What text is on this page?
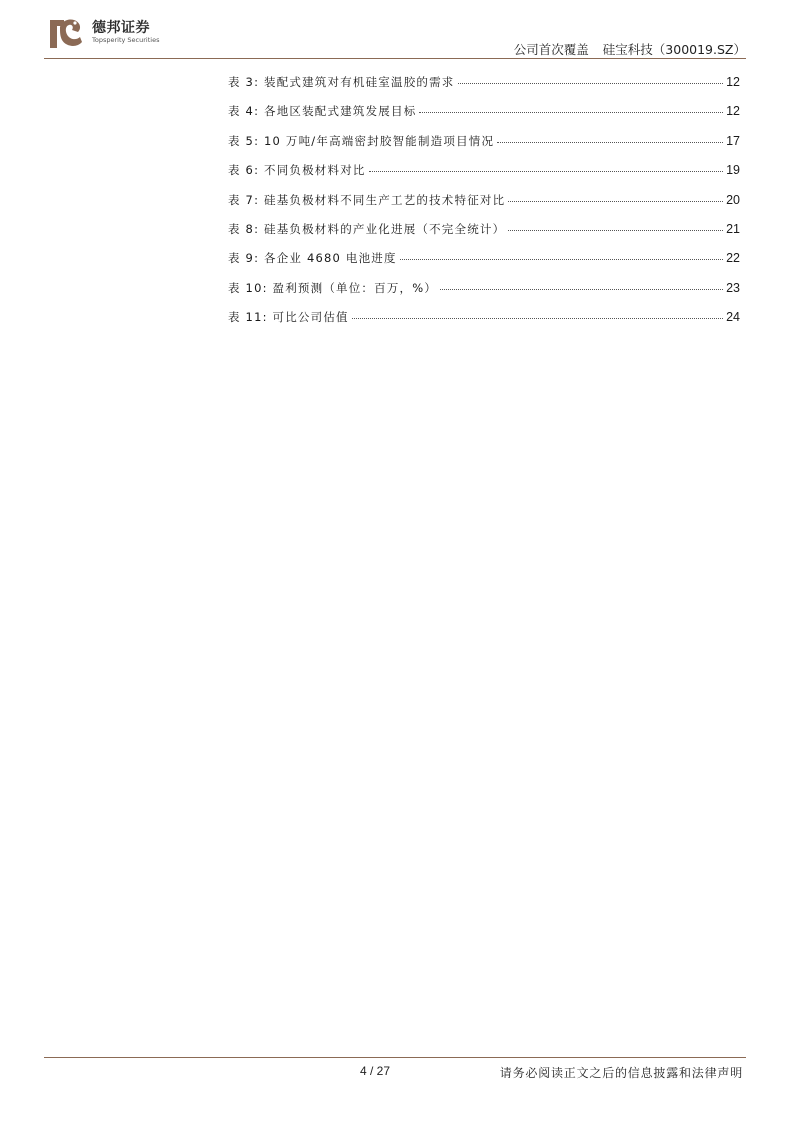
德邦证券
Topsperity Securities
公司首次覆盖 硅宝科技（300019.SZ）
表 3: 装配式建筑对有机硅室温胶的需求	12
表 4: 各地区装配式建筑发展目标	12
表 5: 10 万吨/年高端密封胶智能制造项目情况	17
表 6: 不同负极材料对比	19
表 7: 硅基负极材料不同生产工艺的技术特征对比	20
表 8: 硅基负极材料的产业化进展（不完全统计）	21
表 9: 各企业 4680 电池进度	22
表 10: 盈利预测（单位：百万，%）	23
表 11: 可比公司估值	24
4 / 27	请务必阅读正文之后的信息披露和法律声明
